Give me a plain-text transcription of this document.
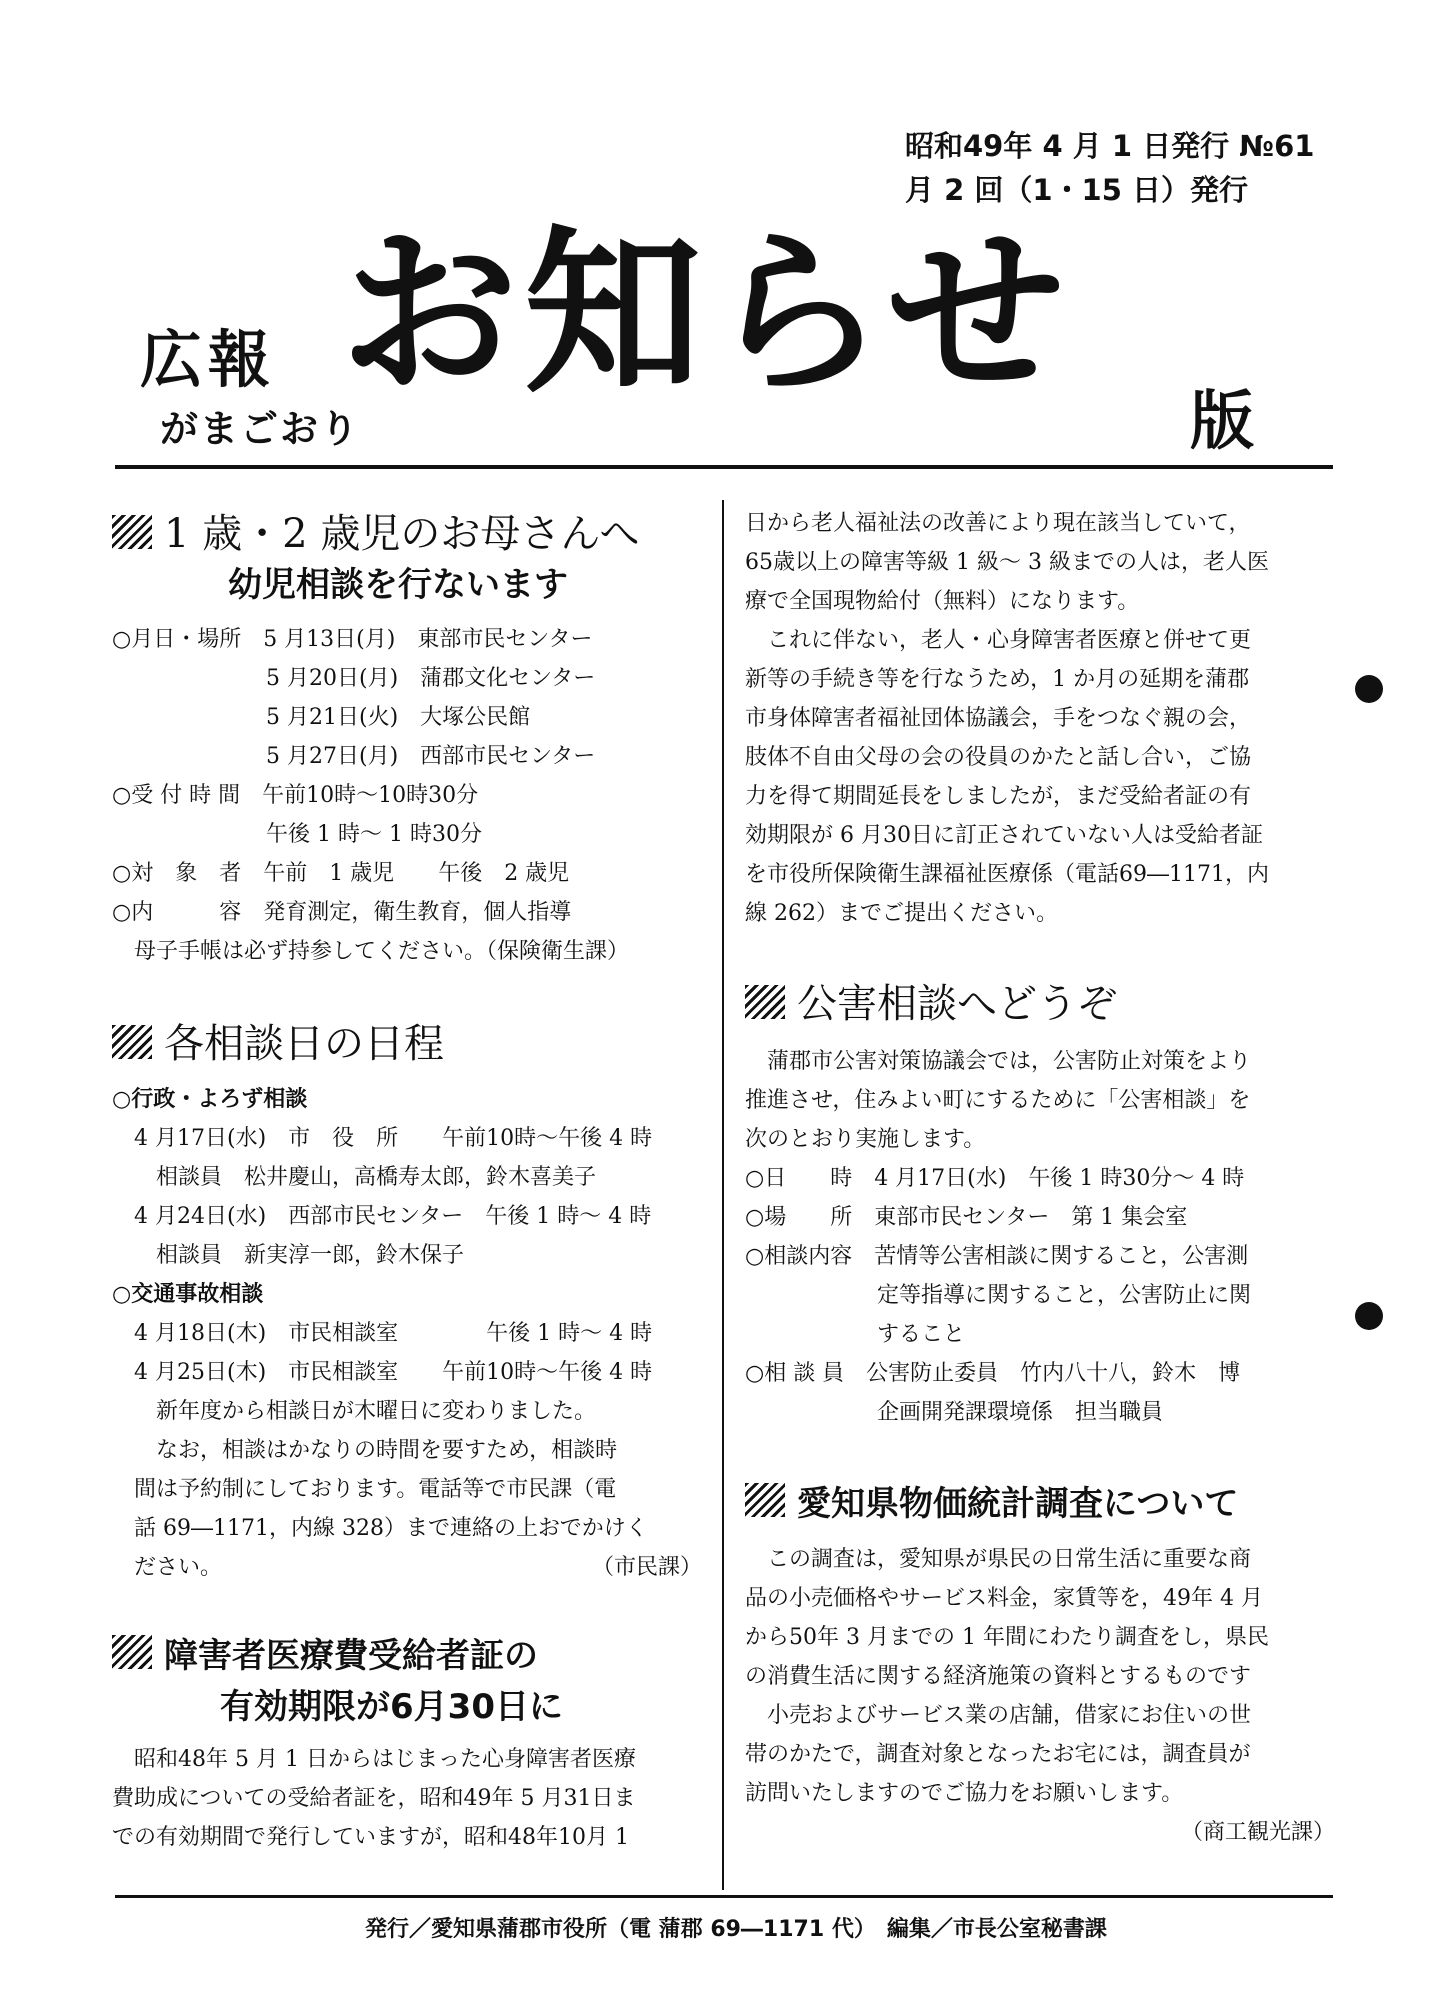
昭和49年 4 月 1 日発行 №61
月 2 回（1・15 日）発行
広報
がまごおり
お知らせ
版
1 歳・2 歳児のお母さんへ
幼児相談を行ないます
○月日・場所　5 月13日(月)　東部市民センター
　　　　　　　5 月20日(月)　蒲郡文化センター
　　　　　　　5 月21日(火)　大塚公民館
　　　　　　　5 月27日(月)　西部市民センター
○受 付 時 間　午前10時～10時30分
　　　　　　　午後 1 時～ 1 時30分
○対　象　者　午前　1 歳児　　午後　2 歳児
○内　　　容　発育測定，衛生教育，個人指導
　母子手帳は必ず持参してください。（保険衛生課）
各相談日の日程
○行政・よろず相談
　4 月17日(水)　市　役　所　　午前10時～午後 4 時
　　相談員　松井慶山，高橋寿太郎，鈴木喜美子
　4 月24日(水)　西部市民センター　午後 1 時～ 4 時
　　相談員　新実淳一郎，鈴木保子
○交通事故相談
　4 月18日(木)　市民相談室　　　　午後 1 時～ 4 時
　4 月25日(木)　市民相談室　　午前10時～午後 4 時
　　新年度から相談日が木曜日に変わりました。
　　なお，相談はかなりの時間を要すため，相談時
　間は予約制にしております。電話等で市民課（電
　話 69―1171，内線 328）まで連絡の上おでかけく
　ださい。	（市民課）
障害者医療費受給者証の
有効期限が6月30日に
　昭和48年 5 月 1 日からはじまった心身障害者医療
費助成についての受給者証を，昭和49年 5 月31日ま
での有効期間で発行していますが，昭和48年10月 1
日から老人福祉法の改善により現在該当していて，
65歳以上の障害等級 1 級～ 3 級までの人は，老人医
療で全国現物給付（無料）になります。
　これに伴ない，老人・心身障害者医療と併せて更
新等の手続き等を行なうため，1 か月の延期を蒲郡
市身体障害者福祉団体協議会，手をつなぐ親の会，
肢体不自由父母の会の役員のかたと話し合い，ご協
力を得て期間延長をしましたが，まだ受給者証の有
効期限が 6 月30日に訂正されていない人は受給者証
を市役所保険衛生課福祉医療係（電話69―1171，内
線 262）までご提出ください。
公害相談へどうぞ
　蒲郡市公害対策協議会では，公害防止対策をより
推進させ，住みよい町にするために「公害相談」を
次のとおり実施します。
○日　　時　4 月17日(水)　午後 1 時30分～ 4 時
○場　　所　東部市民センター　第 1 集会室
○相談内容　苦情等公害相談に関すること，公害測
　　　　　　定等指導に関すること，公害防止に関
　　　　　　すること
○相 談 員　公害防止委員　竹内八十八，鈴木　博
　　　　　　企画開発課環境係　担当職員
愛知県物価統計調査について
　この調査は，愛知県が県民の日常生活に重要な商
品の小売価格やサービス料金，家賃等を，49年 4 月
から50年 3 月までの 1 年間にわたり調査をし，県民
の消費生活に関する経済施策の資料とするものです
　小売およびサービス業の店舗，借家にお住いの世
帯のかたで，調査対象となったお宅には，調査員が
訪問いたしますのでご協力をお願いします。
（商工観光課）
発行／愛知県蒲郡市役所（電 蒲郡 69―1171 代）　編集／市長公室秘書課
